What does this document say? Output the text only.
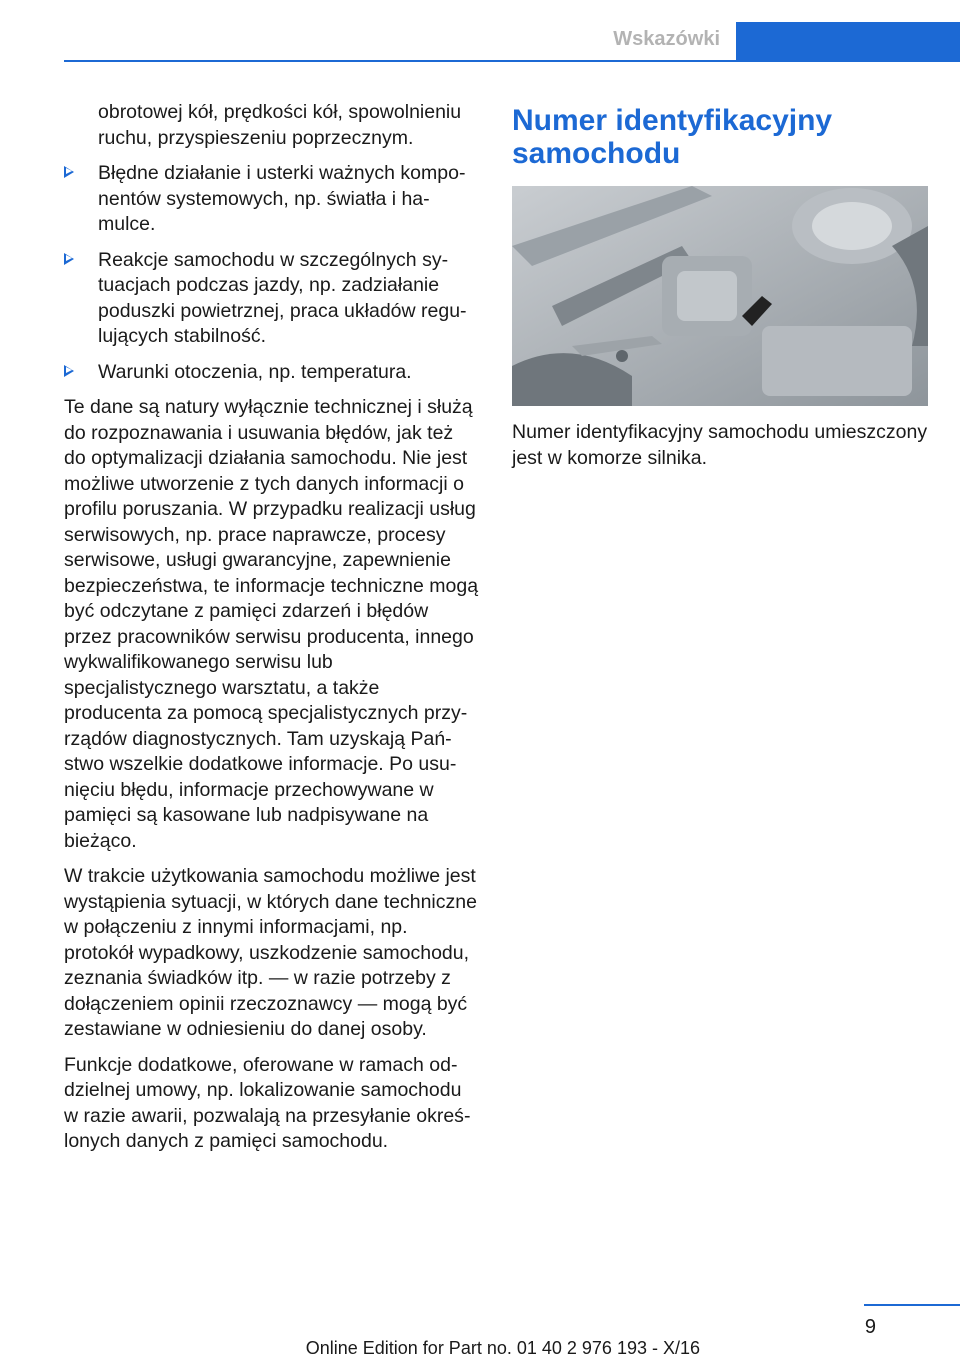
Wskazówki

obrotowej kół, prędkości kół, spowolnieniu ruchu, przyspieszeniu poprzecznym.

Błędne działanie i usterki ważnych komponentów systemowych, np. światła i hamulce.
Reakcje samochodu w szczególnych sytuacjach podczas jazdy, np. zadziałanie poduszki powietrznej, praca układów regulujących stabilność.
Warunki otoczenia, np. temperatura.

Te dane są natury wyłącznie technicznej i służą do rozpoznawania i usuwania błędów, jak też do optymalizacji działania samochodu. Nie jest możliwe utworzenie z tych danych informacji o profilu poruszania. W przypadku realizacji usług serwisowych, np. prace naprawcze, procesy serwisowe, usługi gwarancyjne, zapewnienie bezpieczeństwa, te informacje techniczne mogą być odczytane z pamięci zdarzeń i błędów przez pracowników serwisu producenta, innego wykwalifikowanego serwisu lub specjalistycznego warsztatu, a także producenta za pomocą specjalistycznych przyrządów diagnostycznych. Tam uzyskają Państwo wszelkie dodatkowe informacje. Po usunięciu błędu, informacje przechowywane w pamięci są kasowane lub nadpisywane na bieżąco.

W trakcie użytkowania samochodu możliwe jest wystąpienia sytuacji, w których dane techniczne w połączeniu z innymi informacjami, np. protokół wypadkowy, uszkodzenie samochodu, zeznania świadków itp. — w razie potrzeby z dołączeniem opinii rzeczoznawcy — mogą być zestawiane w odniesieniu do danej osoby.

Funkcje dodatkowe, oferowane w ramach oddzielnej umowy, np. lokalizowanie samochodu w razie awarii, pozwalają na przesyłanie określonych danych z pamięci samochodu.

Numer identyfikacyjny samochodu

Numer identyfikacyjny samochodu umieszczony jest w komorze silnika.

9
Online Edition for Part no. 01 40 2 976 193 - X/16
